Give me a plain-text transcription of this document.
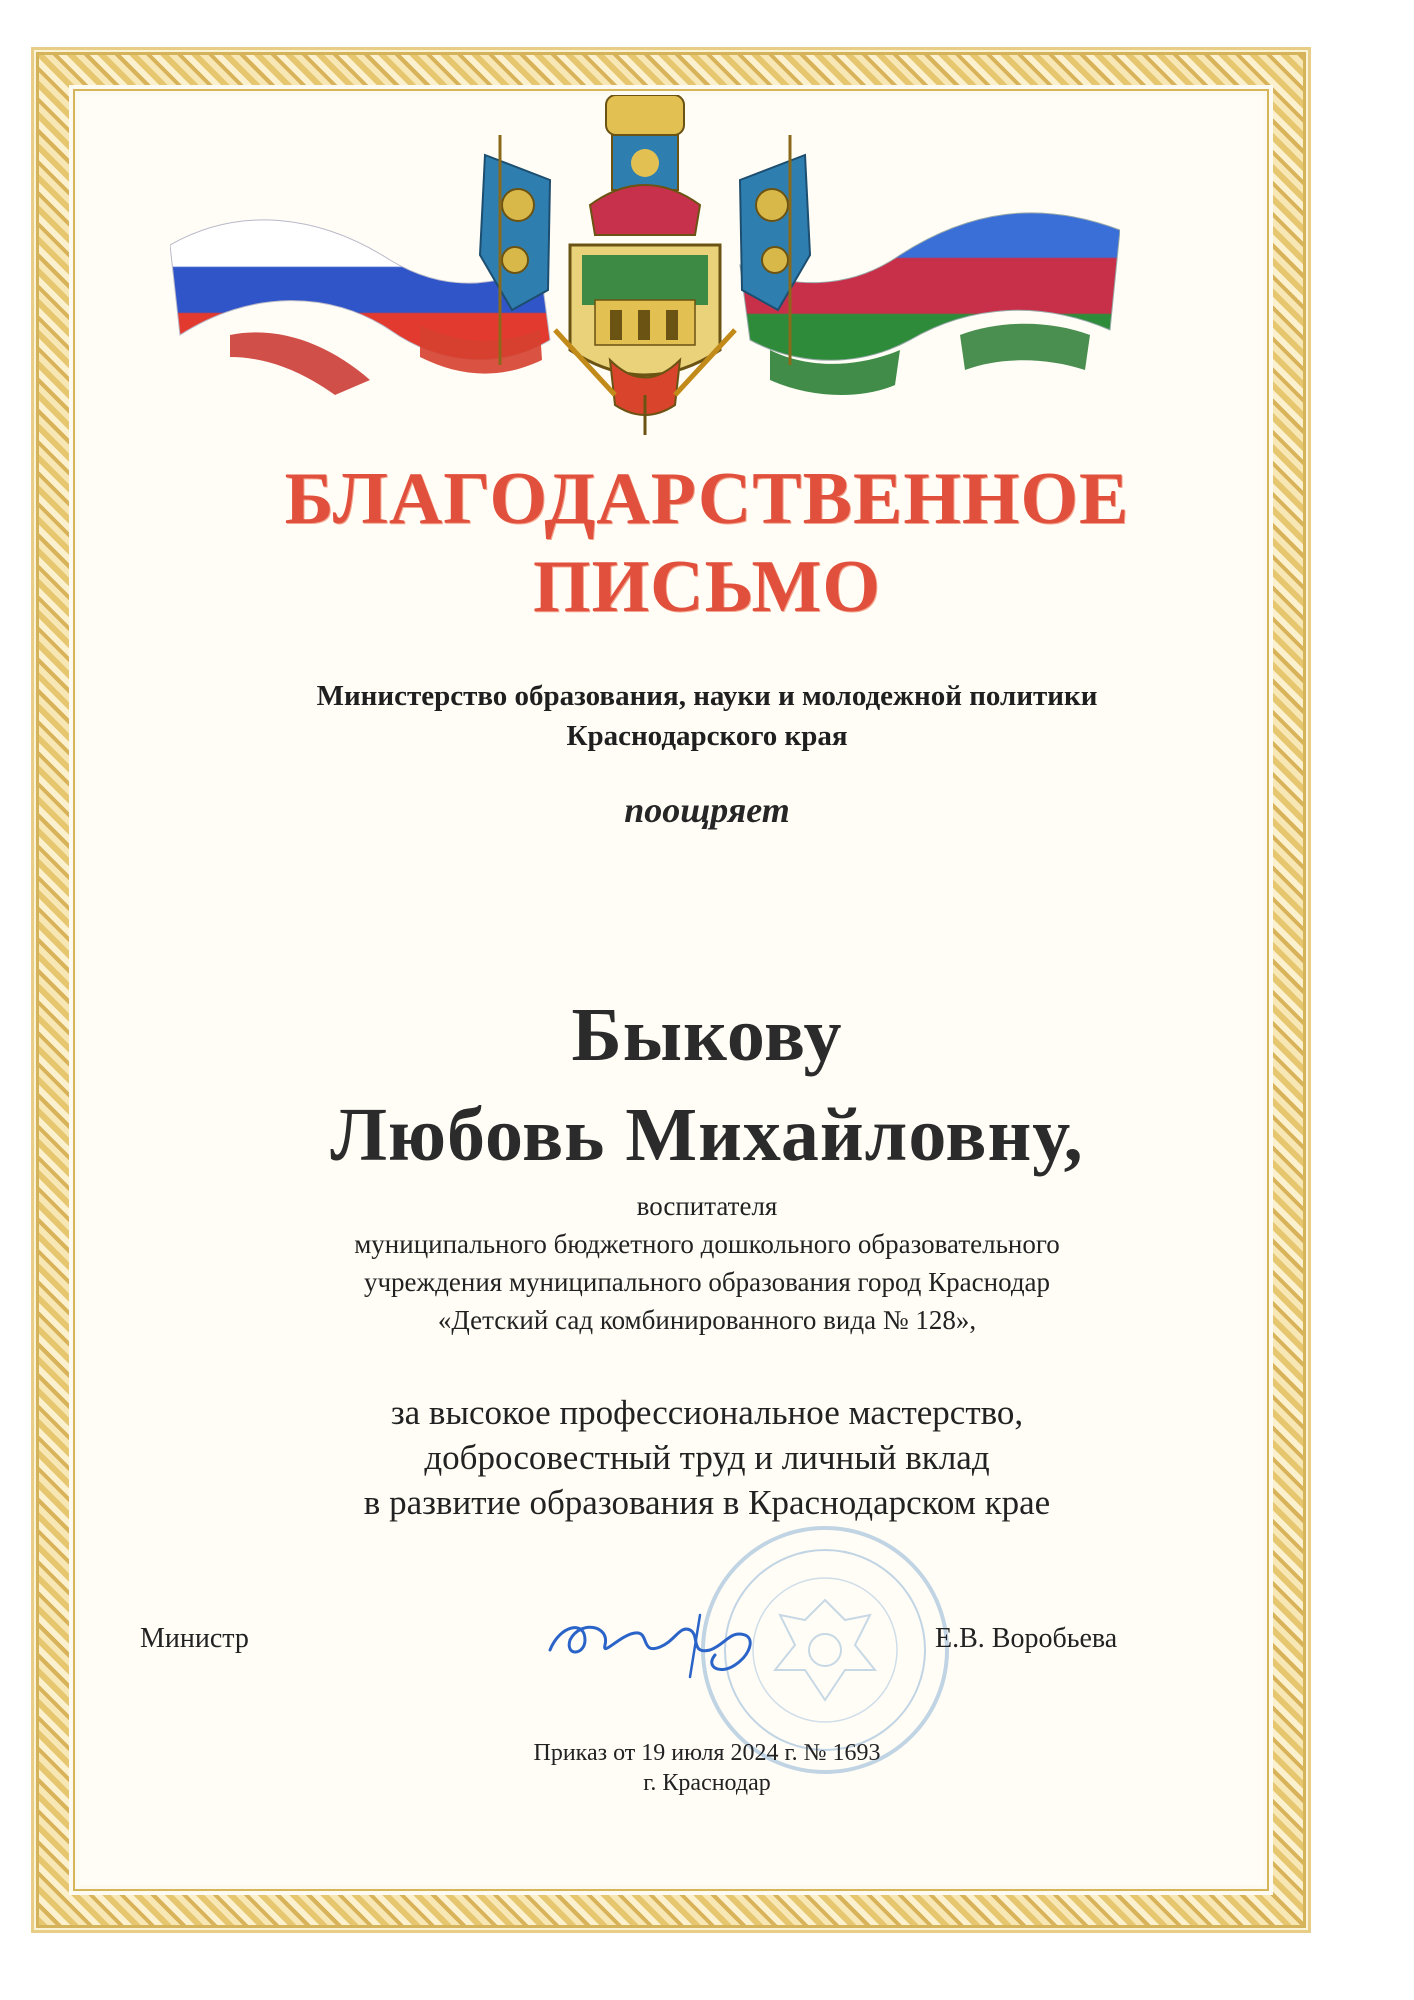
БЛАГОДАРСТВЕННОЕ
ПИСЬМО
Министерство образования, науки и молодежной политики
Краснодарского края
поощряет
Быкову
Любовь Михайловну,
воспитателя
муниципального бюджетного дошкольного образовательного
учреждения муниципального образования город Краснодар
«Детский сад комбинированного вида № 128»,
за высокое профессиональное мастерство,
добросовестный труд и личный вклад
в развитие образования в Краснодарском крае
Министр	Е.В. Воробьева
Приказ от 19 июля 2024 г. № 1693
г. Краснодар
